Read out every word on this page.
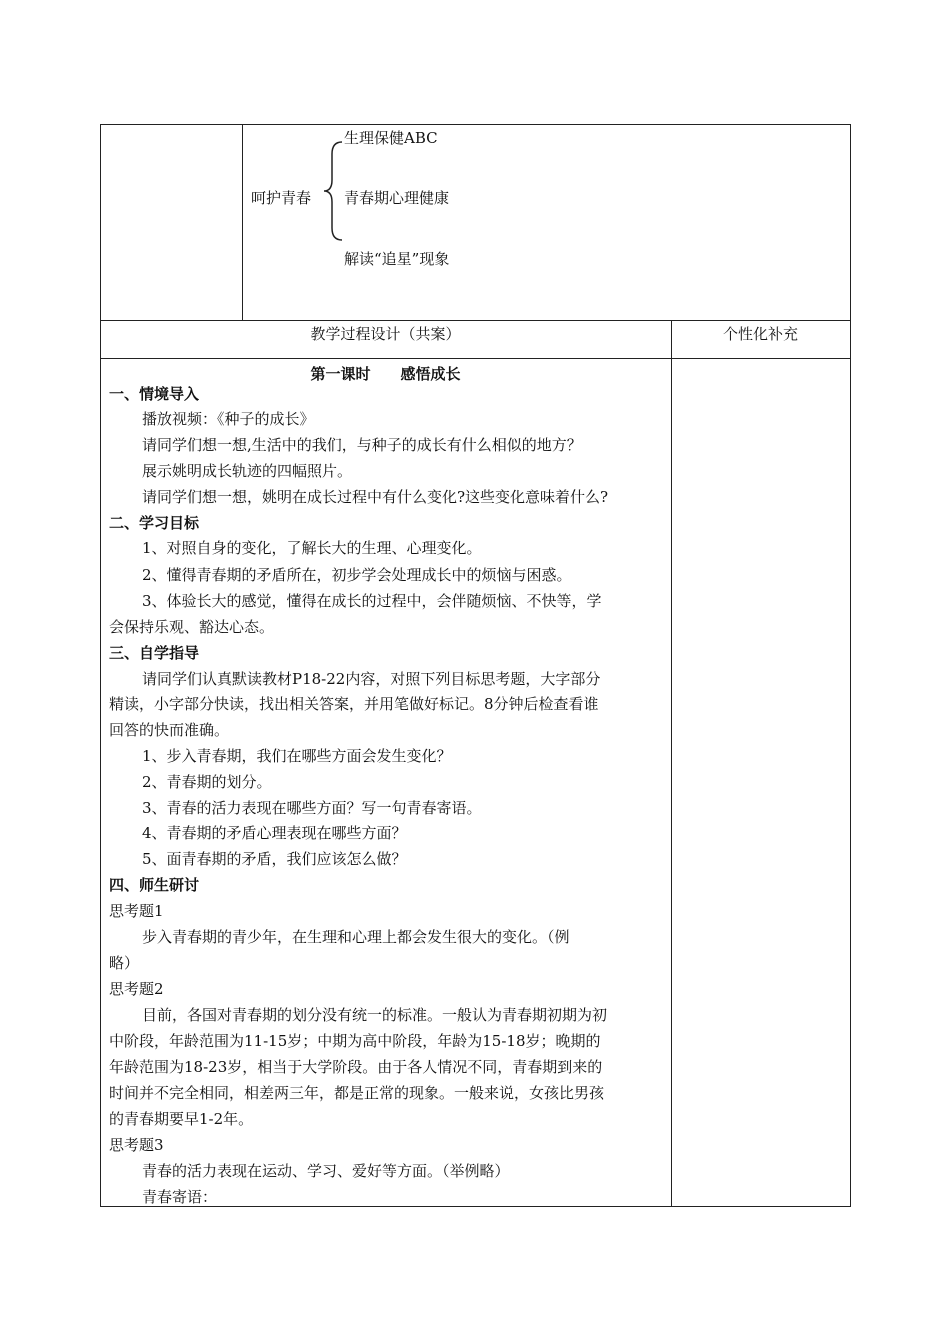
呵护青春
生理保健ABC
青春期心理健康
解读“追星”现象
教学过程设计（共案）	个性化补充
第一课时　　感悟成长
一、情境导入
播放视频：《种子的成长》
请同学们想一想,生活中的我们，与种子的成长有什么相似的地方？
展示姚明成长轨迹的四幅照片。
请同学们想一想，姚明在成长过程中有什么变化?这些变化意味着什么?
二、学习目标
1、对照自身的变化，了解长大的生理、心理变化。
2、懂得青春期的矛盾所在，初步学会处理成长中的烦恼与困惑。
3、体验长大的感觉，懂得在成长的过程中，会伴随烦恼、不快等，学
会保持乐观、豁达心态。
三、自学指导
请同学们认真默读教材P18-22内容，对照下列目标思考题，大字部分
精读，小字部分快读，找出相关答案，并用笔做好标记。8分钟后检查看谁
回答的快而准确。
1、步入青春期，我们在哪些方面会发生变化？
2、青春期的划分。
3、青春的活力表现在哪些方面？写一句青春寄语。
4、青春期的矛盾心理表现在哪些方面？
5、面青春期的矛盾，我们应该怎么做？
四、师生研讨
思考题1
步入青春期的青少年，在生理和心理上都会发生很大的变化。（例
略）
思考题2
目前，各国对青春期的划分没有统一的标准。一般认为青春期初期为初
中阶段，年龄范围为11-15岁；中期为高中阶段，年龄为15-18岁；晚期的
年龄范围为18-23岁，相当于大学阶段。由于各人情况不同，青春期到来的
时间并不完全相同，相差两三年，都是正常的现象。一般来说，女孩比男孩
的青春期要早1-2年。
思考题3
青春的活力表现在运动、学习、爱好等方面。（举例略）
青春寄语：
